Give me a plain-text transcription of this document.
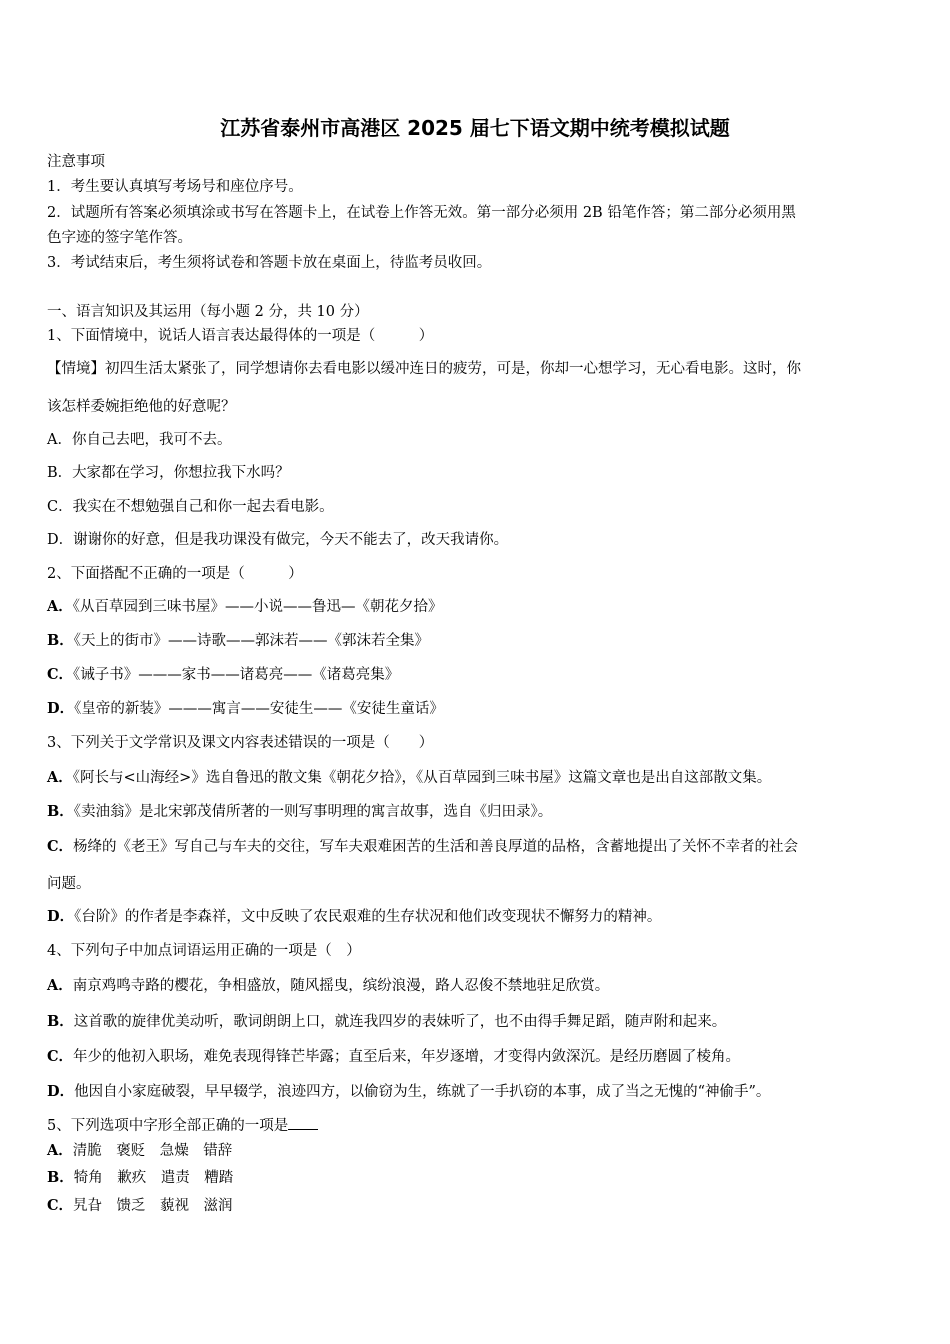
江苏省泰州市高港区 2025 届七下语文期中统考模拟试题
注意事项
1．考生要认真填写考场号和座位序号。
2．试题所有答案必须填涂或书写在答题卡上，在试卷上作答无效。第一部分必须用 2B 铅笔作答；第二部分必须用黑
色字迹的签字笔作答。
3．考试结束后，考生须将试卷和答题卡放在桌面上，待监考员收回。
一、语言知识及其运用（每小题 2 分，共 10 分）
1、下面情境中，说话人语言表达最得体的一项是（　　　）
【情境】初四生活太紧张了，同学想请你去看电影以缓冲连日的疲劳，可是，你却一心想学习，无心看电影。这时，你
该怎样委婉拒绝他的好意呢？
A．你自己去吧，我可不去。
B．大家都在学习，你想拉我下水吗？
C．我实在不想勉强自己和你一起去看电影。
D．谢谢你的好意，但是我功课没有做完，今天不能去了，改天我请你。
2、下面搭配不正确的一项是（　　　）
A．《从百草园到三味书屋》——小说——鲁迅—《朝花夕拾》
B．《天上的街市》——诗歌——郭沫若——《郭沫若全集》
C．《诫子书》———家书——诸葛亮——《诸葛亮集》
D．《皇帝的新装》———寓言——安徒生——《安徒生童话》
3、下列关于文学常识及课文内容表述错误的一项是（　　）
A．《阿长与<山海经>》选自鲁迅的散文集《朝花夕拾》，《从百草园到三味书屋》这篇文章也是出自这部散文集。
B．《卖油翁》是北宋郭茂倩所著的一则写事明理的寓言故事，选自《归田录》。
C．杨绛的《老王》写自己与车夫的交往，写车夫艰难困苦的生活和善良厚道的品格，含蓄地提出了关怀不幸者的社会
问题。
D．《台阶》的作者是李森祥，文中反映了农民艰难的生存状况和他们改变现状不懈努力的精神。
4、下列句子中加点词语运用正确的一项是（　）
A．南京鸡鸣寺路的樱花，争相盛放，随风摇曳，缤纷浪漫，路人忍俊不禁地驻足欣赏。
B．这首歌的旋律优美动听，歌词朗朗上口，就连我四岁的表妹听了，也不由得手舞足蹈，随声附和起来。
C．年少的他初入职场，难免表现得锋芒毕露；直至后来，年岁逐增，才变得内敛深沉。是经历磨圆了棱角。
D．他因自小家庭破裂，早早辍学，浪迹四方，以偷窃为生，练就了一手扒窃的本事，成了当之无愧的“神偷手”。
5、下列选项中字形全部正确的一项是
A．清脆　褒贬　急燥　错辞
B．犄角　歉疚　遣责　糟踏
C．旯旮　馈乏　藐视　滋润
